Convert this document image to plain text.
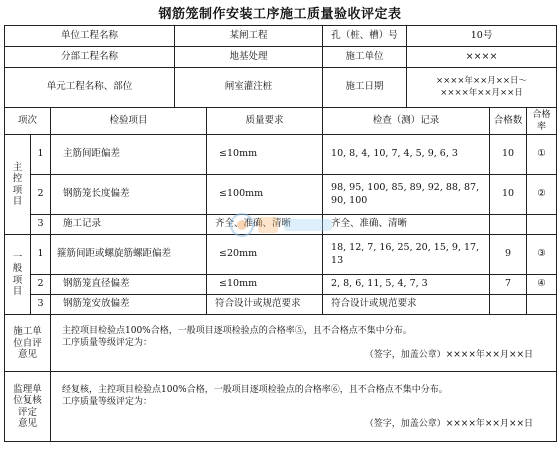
钢筋笼制作安装工序施工质量验收评定表
单位工程名称			某闸工程		孔（桩、槽）号	10号		
分部工程名称			地基处理		施工单位	××××		
单元工程名称、部位			闸室灌注桩		施工日期	××××年××月××日～
××××年××月××日		

项次		检验项目		质量要求	检查（测）记录		合格数	合格率

主
控
项
目	1	主筋间距偏差		≤10mm	10, 8, 4, 10, 7, 4, 5, 9, 6, 3		10	①
	2	钢筋笼长度偏差		≤100mm	98, 95, 100, 85, 89, 92, 88, 87, 90, 100		10	②
	3	施工记录		齐全、准确、清晰	齐全、准确、清晰			

一
般
项
目	1	箍筋间距或螺旋筋螺距偏差		≤20mm	18, 12, 7, 16, 25, 20, 15, 9, 17, 13		9	③
	2	钢筋笼直径偏差		≤10mm	2, 8, 6, 11, 5, 4, 7, 3		7	④
	3	钢筋笼安放偏差		符合设计或规范要求	符合设计或规范要求			

施工单
位自评
意见		主控项目检验点100%合格，一般项目逐项检验点的合格率⑤，且不合格点不集中分布。
工序质量等级评定为：
（签字，加盖公章）××××年××月××日						

监理单
位复核
评定
意见		经复核，主控项目检验点100%合格，一般项目逐项检验点的合格率⑥，且不合格点不集中分布。
工序质量等级评定为：
（签字，加盖公章）××××年××月××日						
